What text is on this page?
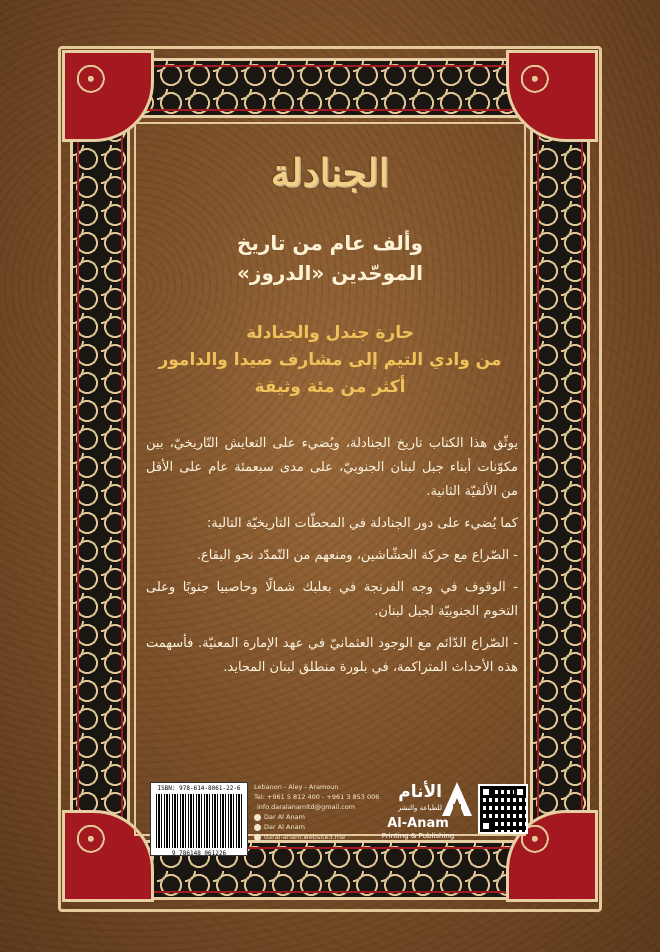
الجنادلة
وألف عام من تاريخ
الموحّدين «الدروز»
حارة جندل والجنادلة
من وادي التيم إلى مشارف صيدا والدامور
أكثر من مئة وثيقة

يوثّق هذا الكتاب تاريخ الجنادلة، ويُضيء على التعايش التّاريخيّ، بين مكوّنات أبناء جبل لبنان الجنوبيّ، على مدى سبعمئة عام على الأقل من الألفيّة الثانية.

كما يُضيء على دور الجنادلة في المحطّات التاريخيّة التالية:

- الصّراع مع حركة الحشّاشين، ومنعهم من التّمدّد نحو البقاع.

- الوقوف في وجه الفرنجة في بعلبك شمالًا وحاصبيا جنوبًا وعلى التخوم الجنوبيّة لجبل لبنان.

- الصّراع الدّائم مع الوجود العثمانيّ في عهد الإمارة المعنيّة. فأسهمت هذه الأحداث المتراكمة، في بلورة منطلق لبنان المحايد.

ISBN: 978-614-8061-22-6
9 786148 061226
Lebanon - Aley - Aramoun
Tel: +961 5 812 400 - +961 3 853 006
info.daralanamltd@gmail.com
Dar Al Anam
Dar Al Anam
daral-anam.website3.me
الأنام
للطباعة والنشر
Al-Anam
Printing & Publishing
